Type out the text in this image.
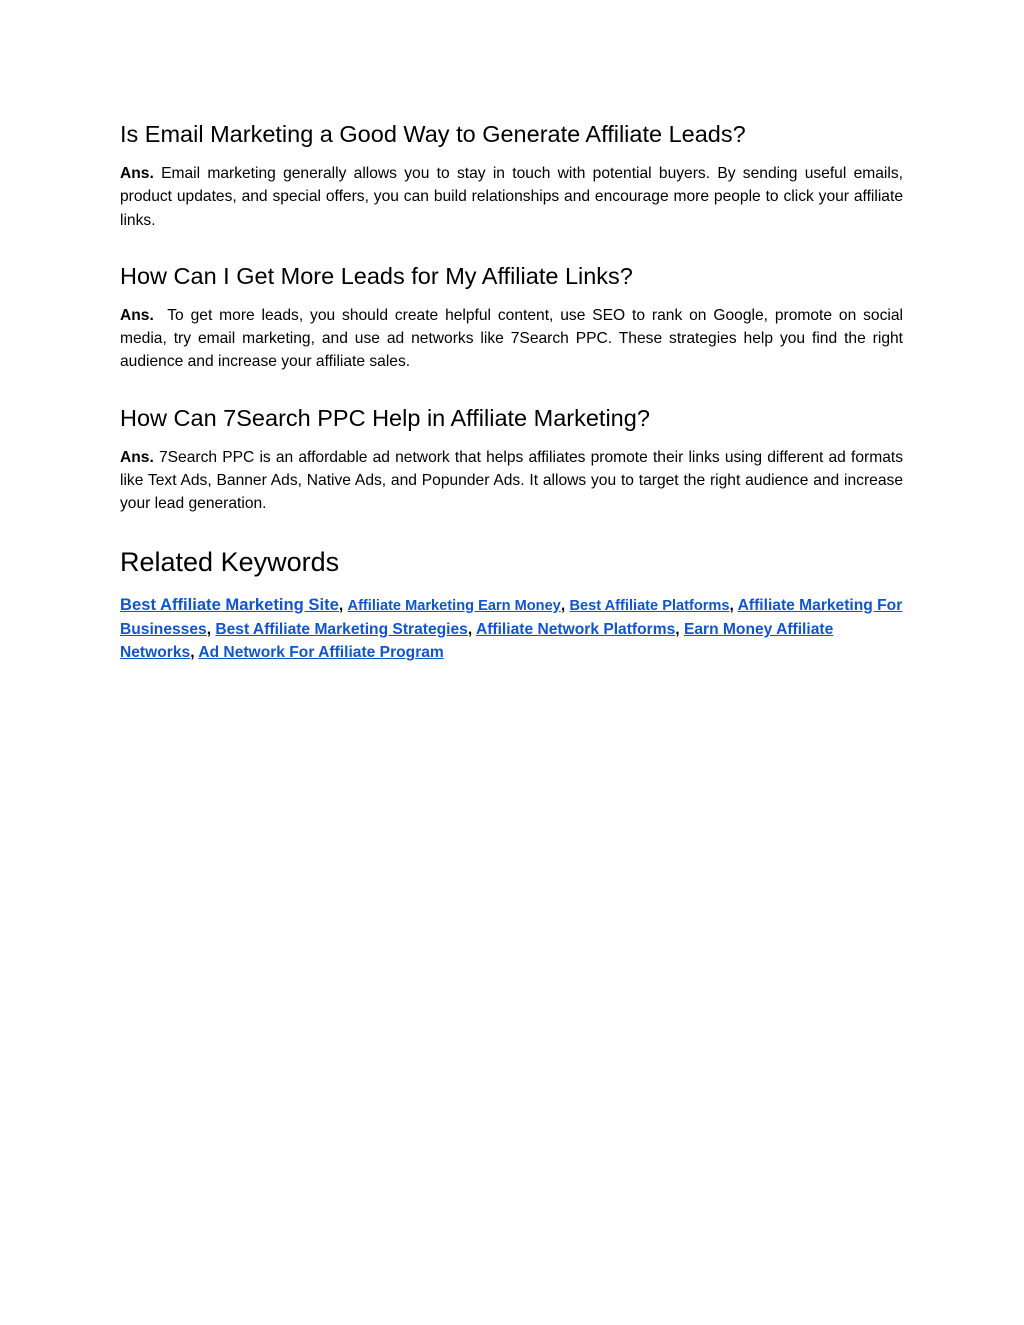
Is Email Marketing a Good Way to Generate Affiliate Leads?

Ans. Email marketing generally allows you to stay in touch with potential buyers. By sending useful emails, product updates, and special offers, you can build relationships and encourage more people to click your affiliate links.

How Can I Get More Leads for My Affiliate Links?

Ans. To get more leads, you should create helpful content, use SEO to rank on Google, promote on social media, try email marketing, and use ad networks like 7Search PPC. These strategies help you find the right audience and increase your affiliate sales.

How Can 7Search PPC Help in Affiliate Marketing?

Ans. 7Search PPC is an affordable ad network that helps affiliates promote their links using different ad formats like Text Ads, Banner Ads, Native Ads, and Popunder Ads. It allows you to target the right audience and increase your lead generation.

Related Keywords
Best Affiliate Marketing Site, Affiliate Marketing Earn Money, Best Affiliate Platforms, Affiliate Marketing For Businesses, Best Affiliate Marketing Strategies, Affiliate Network Platforms, Earn Money Affiliate Networks, Ad Network For Affiliate Program
